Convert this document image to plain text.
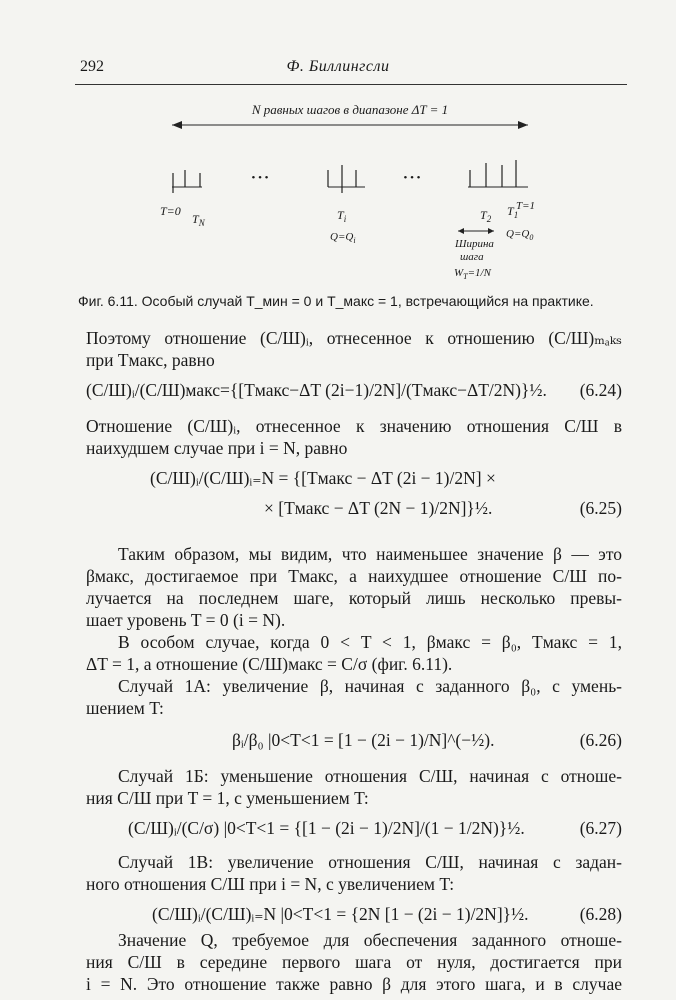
292	Ф. Биллингсли
N равных шагов в диапазоне ΔT = 1
• • •	• • •
T=0
$T_N$
$T_i$
$Q=Q_i$
$T_2$
$T_1$
T=1
$Q=Q_0$
Ширина
шага
$W_T=1/N$
Фиг. 6.11. Особый случай T_мин = 0 и T_макс = 1, встречающийся на практике.
Поэтому отношение (С/Ш)ᵢ, отнесенное к отношению (С/Ш)ₘₐₖₛ
при Tмакс, равно
(С/Ш)ᵢ/(С/Ш)макс={[Tмакс−ΔT (2i−1)/2N]/(Tмакс−ΔT/2N)}½. (6.24)
Отношение (С/Ш)ᵢ, отнесенное к значению отношения С/Ш в
наихудшем случае при i = N, равно
(С/Ш)ᵢ/(С/Ш)ᵢ₌N = {[Tмакс − ΔT (2i − 1)/2N] ×
× [Tмакс − ΔT (2N − 1)/2N]}½.	(6.25)
Таким образом, мы видим, что наименьшее значение β — это
βмакс, достигаемое при Tмакс, а наихудшее отношение С/Ш по-
лучается на последнем шаге, который лишь несколько превы-
шает уровень T = 0 (i = N).
В особом случае, когда 0 < T < 1, βмакс = β₀, Tмакс = 1,
ΔT = 1, а отношение (С/Ш)макс = С/σ (фиг. 6.11).
Случай 1А: увеличение β, начиная с заданного β₀, с умень-
шением T:
βᵢ/β₀ |0<T<1 = [1 − (2i − 1)/N]^(−½).	(6.26)
Случай 1Б: уменьшение отношения С/Ш, начиная с отноше-
ния С/Ш при T = 1, с уменьшением T:
(С/Ш)ᵢ/(С/σ) |0<T<1 = {[1 − (2i − 1)/2N]/(1 − 1/2N)}½.	(6.27)
Случай 1В: увеличение отношения С/Ш, начиная с задан-
ного отношения С/Ш при i = N, с увеличением T:
(С/Ш)ᵢ/(С/Ш)ᵢ₌N |0<T<1 = {2N [1 − (2i − 1)/2N]}½.	(6.28)
Значение Q, требуемое для обеспечения заданного отноше-
ния С/Ш в середине первого шага от нуля, достигается при
i = N. Это отношение также равно β для этого шага, и в случае
